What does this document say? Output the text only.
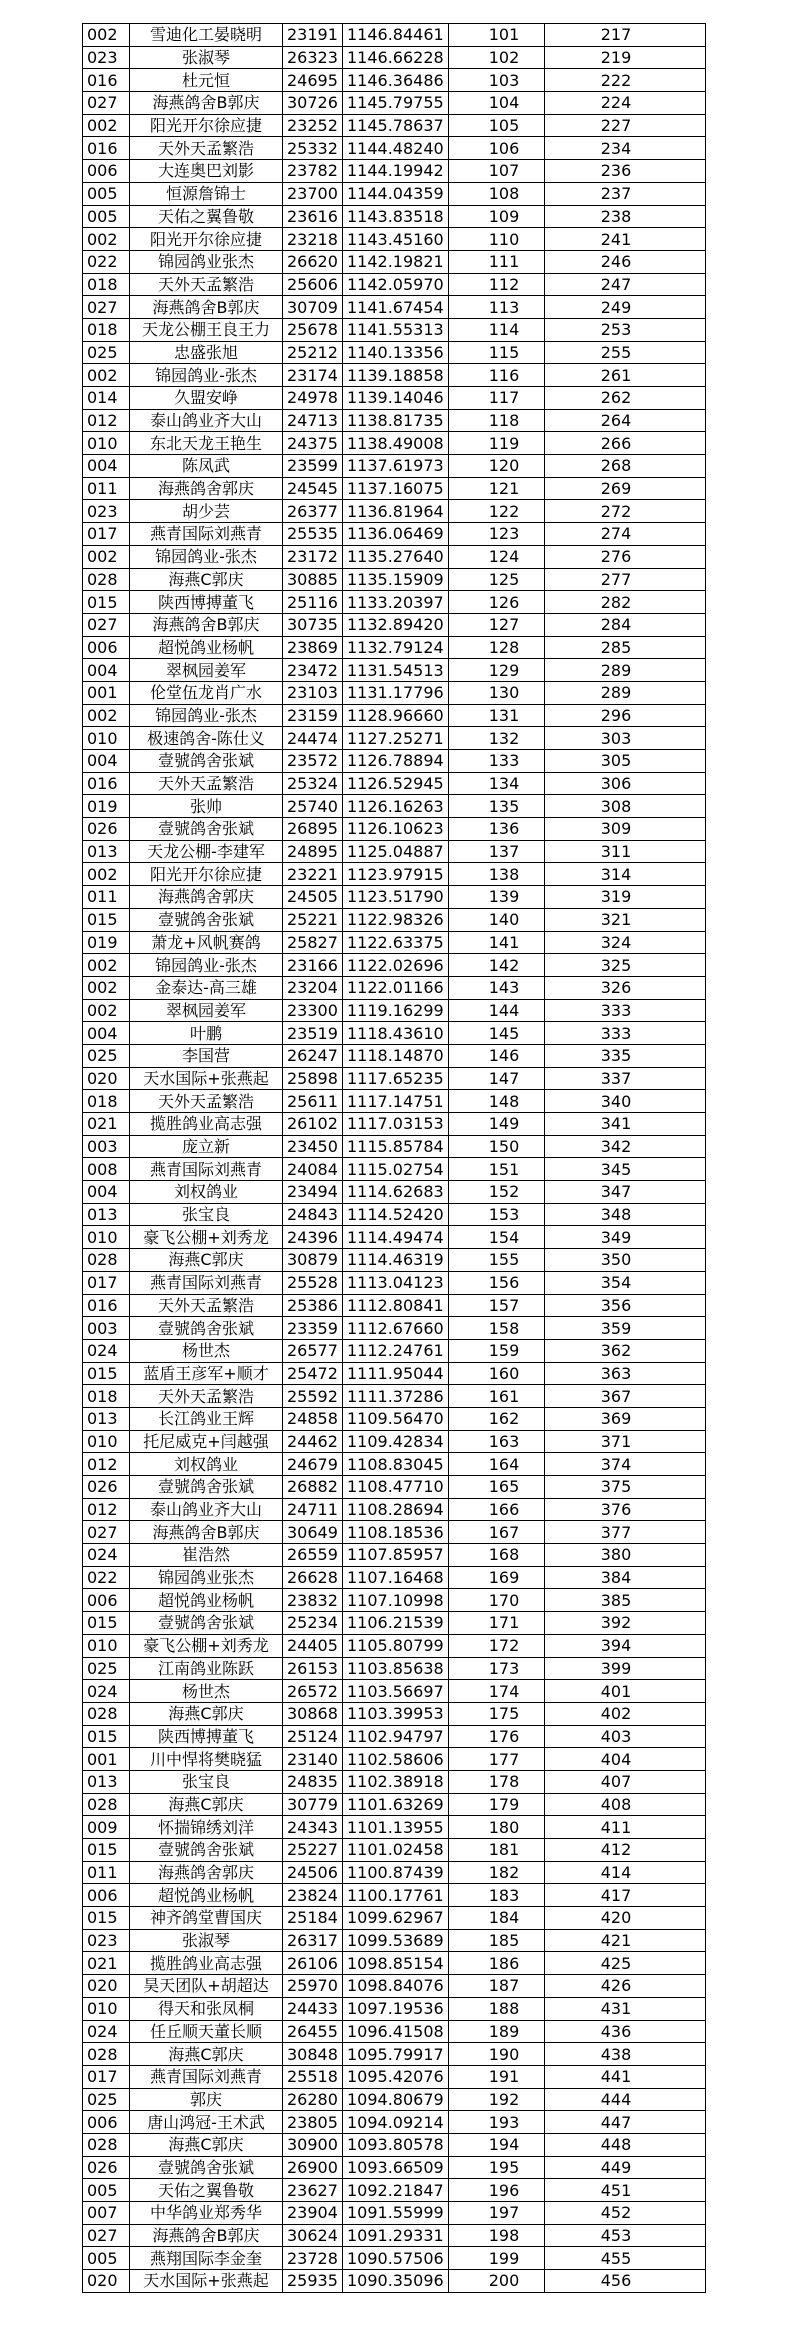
002	雪迪化工晏晓明	23191	1146.84461	101	217
023	张淑琴	26323	1146.66228	102	219
016	杜元恒	24695	1146.36486	103	222
027	海燕鸽舍B郭庆	30726	1145.79755	104	224
002	阳光开尔徐应捷	23252	1145.78637	105	227
016	天外天孟繁浩	25332	1144.48240	106	234
006	大连奥巴刘影	23782	1144.19942	107	236
005	恒源詹锦士	23700	1144.04359	108	237
005	天佑之翼鲁敬	23616	1143.83518	109	238
002	阳光开尔徐应捷	23218	1143.45160	110	241
022	锦园鸽业张杰	26620	1142.19821	111	246
018	天外天孟繁浩	25606	1142.05970	112	247
027	海燕鸽舍B郭庆	30709	1141.67454	113	249
018	天龙公棚王良王力	25678	1141.55313	114	253
025	忠盛张旭	25212	1140.13356	115	255
002	锦园鸽业-张杰	23174	1139.18858	116	261
014	久盟安峥	24978	1139.14046	117	262
012	泰山鸽业齐大山	24713	1138.81735	118	264
010	东北天龙王艳生	24375	1138.49008	119	266
004	陈凤武	23599	1137.61973	120	268
011	海燕鸽舍郭庆	24545	1137.16075	121	269
023	胡少芸	26377	1136.81964	122	272
017	燕青国际刘燕青	25535	1136.06469	123	274
002	锦园鸽业-张杰	23172	1135.27640	124	276
028	海燕C郭庆	30885	1135.15909	125	277
015	陕西博搏董飞	25116	1133.20397	126	282
027	海燕鸽舍B郭庆	30735	1132.89420	127	284
006	超悦鸽业杨帆	23869	1132.79124	128	285
004	翠枫园姜军	23472	1131.54513	129	289
001	伦堂伍龙肖广水	23103	1131.17796	130	289
002	锦园鸽业-张杰	23159	1128.96660	131	296
010	极速鸽舍-陈仕义	24474	1127.25271	132	303
004	壹號鸽舍张斌	23572	1126.78894	133	305
016	天外天孟繁浩	25324	1126.52945	134	306
019	张帅	25740	1126.16263	135	308
026	壹號鸽舍张斌	26895	1126.10623	136	309
013	天龙公棚-李建军	24895	1125.04887	137	311
002	阳光开尔徐应捷	23221	1123.97915	138	314
011	海燕鸽舍郭庆	24505	1123.51790	139	319
015	壹號鸽舍张斌	25221	1122.98326	140	321
019	萧龙+风帆赛鸽	25827	1122.63375	141	324
002	锦园鸽业-张杰	23166	1122.02696	142	325
002	金泰达-高三雄	23204	1122.01166	143	326
002	翠枫园姜军	23300	1119.16299	144	333
004	叶鹏	23519	1118.43610	145	333
025	李国营	26247	1118.14870	146	335
020	天水国际+张燕起	25898	1117.65235	147	337
018	天外天孟繁浩	25611	1117.14751	148	340
021	揽胜鸽业高志强	26102	1117.03153	149	341
003	庞立新	23450	1115.85784	150	342
008	燕青国际刘燕青	24084	1115.02754	151	345
004	刘权鸽业	23494	1114.62683	152	347
013	张宝良	24843	1114.52420	153	348
010	豪飞公棚+刘秀龙	24396	1114.49474	154	349
028	海燕C郭庆	30879	1114.46319	155	350
017	燕青国际刘燕青	25528	1113.04123	156	354
016	天外天孟繁浩	25386	1112.80841	157	356
003	壹號鸽舍张斌	23359	1112.67660	158	359
024	杨世杰	26577	1112.24761	159	362
015	蓝盾王彦军+顺才	25472	1111.95044	160	363
018	天外天孟繁浩	25592	1111.37286	161	367
013	长江鸽业王辉	24858	1109.56470	162	369
010	托尼威克+闫越强	24462	1109.42834	163	371
012	刘权鸽业	24679	1108.83045	164	374
026	壹號鸽舍张斌	26882	1108.47710	165	375
012	泰山鸽业齐大山	24711	1108.28694	166	376
027	海燕鸽舍B郭庆	30649	1108.18536	167	377
024	崔浩然	26559	1107.85957	168	380
022	锦园鸽业张杰	26628	1107.16468	169	384
006	超悦鸽业杨帆	23832	1107.10998	170	385
015	壹號鸽舍张斌	25234	1106.21539	171	392
010	豪飞公棚+刘秀龙	24405	1105.80799	172	394
025	江南鸽业陈跃	26153	1103.85638	173	399
024	杨世杰	26572	1103.56697	174	401
028	海燕C郭庆	30868	1103.39953	175	402
015	陕西博搏董飞	25124	1102.94797	176	403
001	川中悍将樊晓猛	23140	1102.58606	177	404
013	张宝良	24835	1102.38918	178	407
028	海燕C郭庆	30779	1101.63269	179	408
009	怀揣锦绣刘洋	24343	1101.13955	180	411
015	壹號鸽舍张斌	25227	1101.02458	181	412
011	海燕鸽舍郭庆	24506	1100.87439	182	414
006	超悦鸽业杨帆	23824	1100.17761	183	417
015	神齐鸽堂曹国庆	25184	1099.62967	184	420
023	张淑琴	26317	1099.53689	185	421
021	揽胜鸽业高志强	26106	1098.85154	186	425
020	昊天团队+胡超达	25970	1098.84076	187	426
010	得天和张凤桐	24433	1097.19536	188	431
024	任丘顺天董长顺	26455	1096.41508	189	436
028	海燕C郭庆	30848	1095.79917	190	438
017	燕青国际刘燕青	25518	1095.42076	191	441
025	郭庆	26280	1094.80679	192	444
006	唐山鸿冠-王术武	23805	1094.09214	193	447
028	海燕C郭庆	30900	1093.80578	194	448
026	壹號鸽舍张斌	26900	1093.66509	195	449
005	天佑之翼鲁敬	23627	1092.21847	196	451
007	中华鸽业郑秀华	23904	1091.55999	197	452
027	海燕鸽舍B郭庆	30624	1091.29331	198	453
005	燕翔国际李金奎	23728	1090.57506	199	455
020	天水国际+张燕起	25935	1090.35096	200	456
